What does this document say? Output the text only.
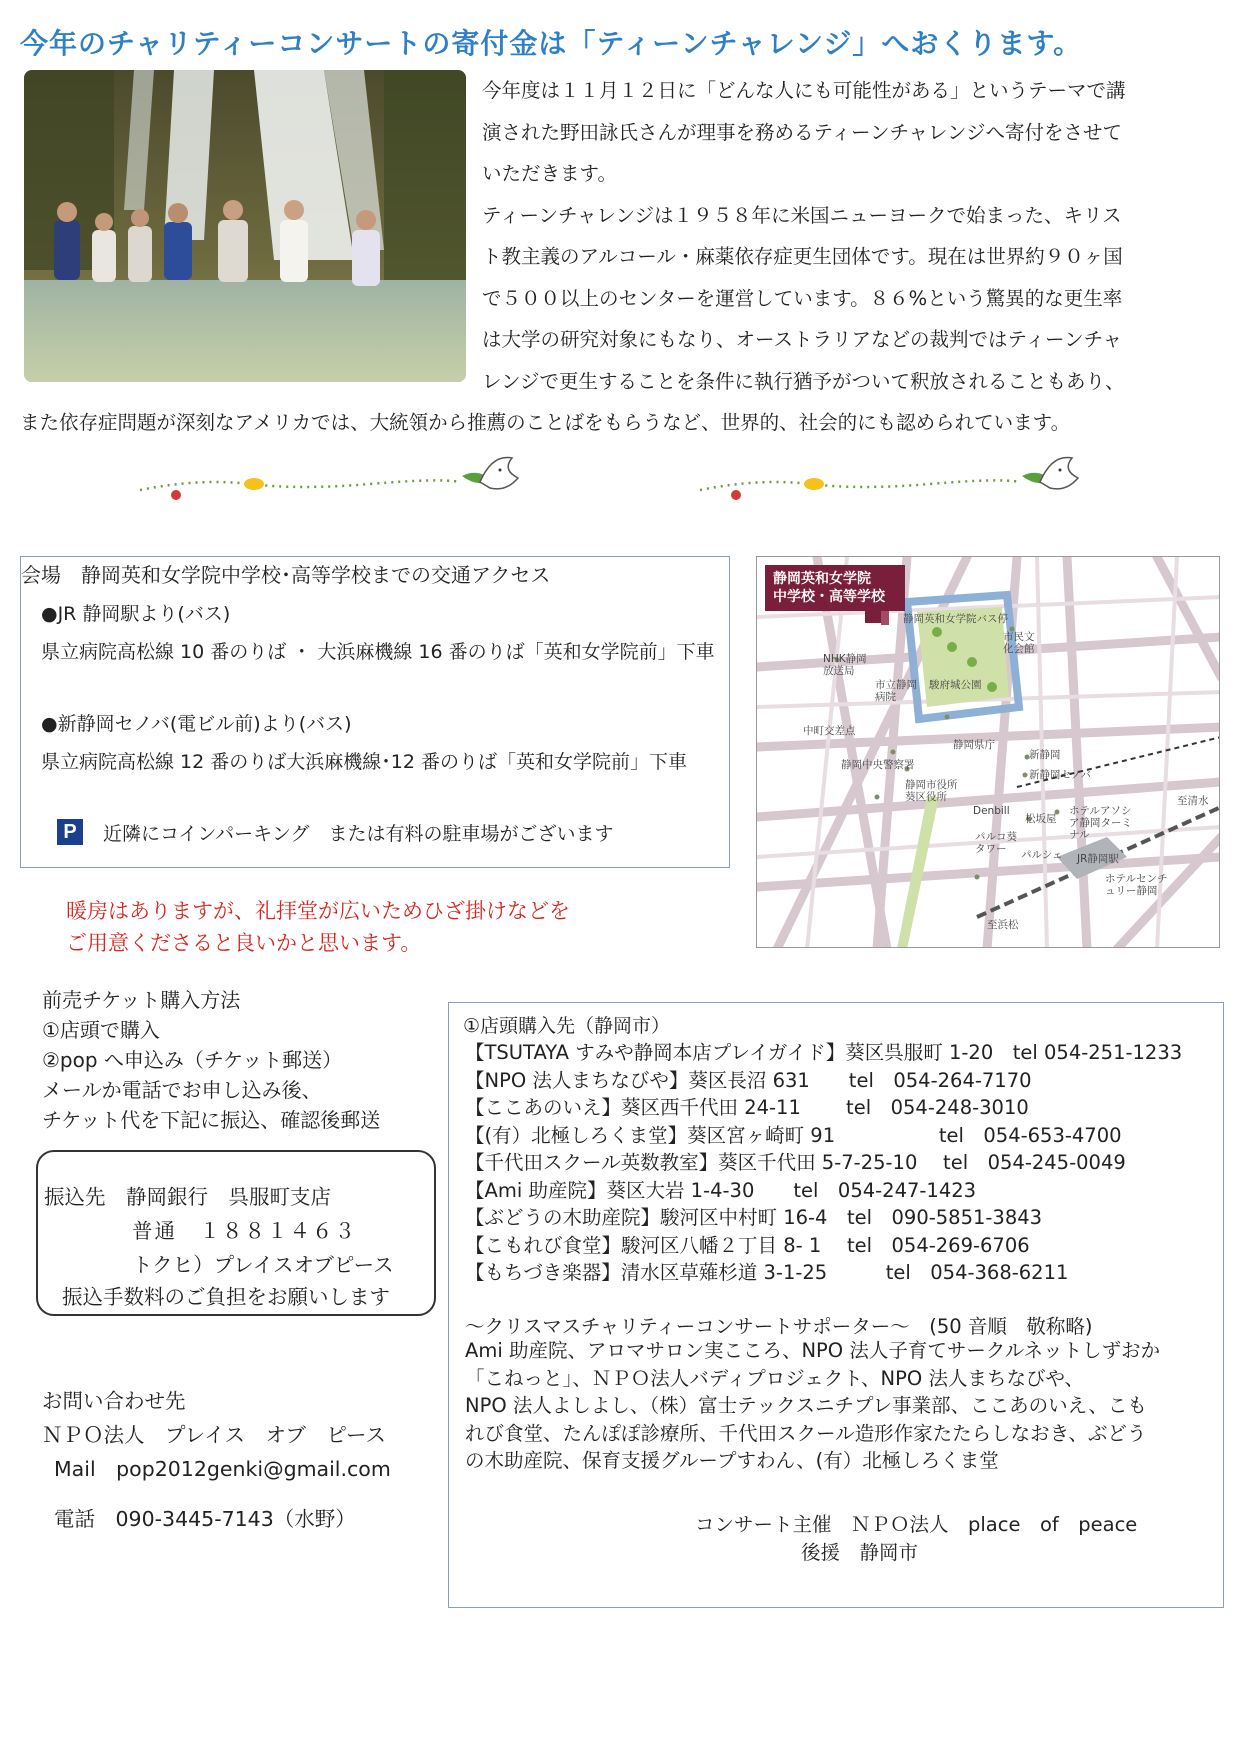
今年のチャリティーコンサートの寄付金は「ティーンチャレンジ」へおくります。

今年度は１１月１２日に「どんな人にも可能性がある」というテーマで講

演された野田詠氏さんが理事を務めるティーンチャレンジへ寄付をさせて

いただきます。

ティーンチャレンジは１９５８年に米国ニューヨークで始まった、キリス

ト教主義のアルコール・麻薬依存症更生団体です。現在は世界約９０ヶ国

で５００以上のセンターを運営しています。８６%という驚異的な更生率

は大学の研究対象にもなり、オーストラリアなどの裁判ではティーンチャ

レンジで更生することを条件に執行猶予がついて釈放されることもあり、

また依存症問題が深刻なアメリカでは、大統領から推薦のことばをもらうなど、世界的、社会的にも認められています。
会場　静岡英和女学院中学校･高等学校までの交通アクセス
●JR 静岡駅より(バス)
県立病院高松線 10 番のりば ・ 大浜麻機線 16 番のりば「英和女学院前」下車
●新静岡セノバ(電ビル前)より(バス)
県立病院高松線 12 番のりば大浜麻機線･12 番のりば「英和女学院前」下車
P	近隣にコインパーキング　または有料の駐車場がございます
静岡英和女学院
中学校・高等学校
静岡英和女学院バス停
市民文化会館
NHK静岡放送局
駿府城公園
市立静岡病院
中町交差点
静岡県庁
静岡中央警察署
静岡市役所葵区役所
新静岡
新静岡セノバ
Denbill
松坂屋
ホテルアソシア静岡ターミナル
パルコ葵タワー	パルシェ JR静岡駅
ホテルセンチュリー静岡
至清水
至浜松
暖房はありますが、礼拝堂が広いためひざ掛けなどを
ご用意くださると良いかと思います。
前売チケット購入方法
①店頭で購入
②pop へ申込み（チケット郵送）
メールか電話でお申し込み後、
チケット代を下記に振込、確認後郵送
振込先　静岡銀行　呉服町支店
普通　１８８１４６３
トクヒ）プレイスオブピース
振込手数料のご負担をお願いします
お問い合わせ先
ＮＰＯ法人　プレイス　オブ　ピース
Mail　pop2012genki@gmail.com
電話　090-3445-7143（水野）
①店頭購入先（静岡市）
【TSUTAYA すみや静岡本店プレイガイド】葵区呉服町 1-20　tel 054-251-1233
【NPO 法人まちなびや】葵区長沼 631　　tel　054-264-7170
【ここあのいえ】葵区西千代田 24-11　　 tel　054-248-3010
【(有）北極しろくま堂】葵区宮ヶ崎町 91　　　　　 tel　054-653-4700
【千代田スクール英数教室】葵区千代田 5-7-25-10　 tel　054-245-0049
【Ami 助産院】葵区大岩 1-4-30　　tel　054-247-1423
【ぶどうの木助産院】駿河区中村町 16-4　tel　090-5851-3843
【こもれび食堂】駿河区八幡２丁目 8- 1　 tel　054-269-6706
【もちづき楽器】清水区草薙杉道 3-1-25　　　tel　054-368-6211
～クリスマスチャリティーコンサートサポーター～　(50 音順　敬称略)
Ami 助産院、アロマサロン実こころ、NPO 法人子育てサークルネットしずおか
「こねっと」、ＮＰＯ法人バディプロジェクト、NPO 法人まちなびや、
NPO 法人よしよし、（株）富士テックスニチプレ事業部、ここあのいえ、こも
れび食堂、たんぽぽ診療所、千代田スクール造形作家たたらしなおき、ぶどう
の木助産院、保育支援グループすわん、(有）北極しろくま堂
コンサート主催　ＮＰＯ法人　place　of　peace
後援　静岡市
